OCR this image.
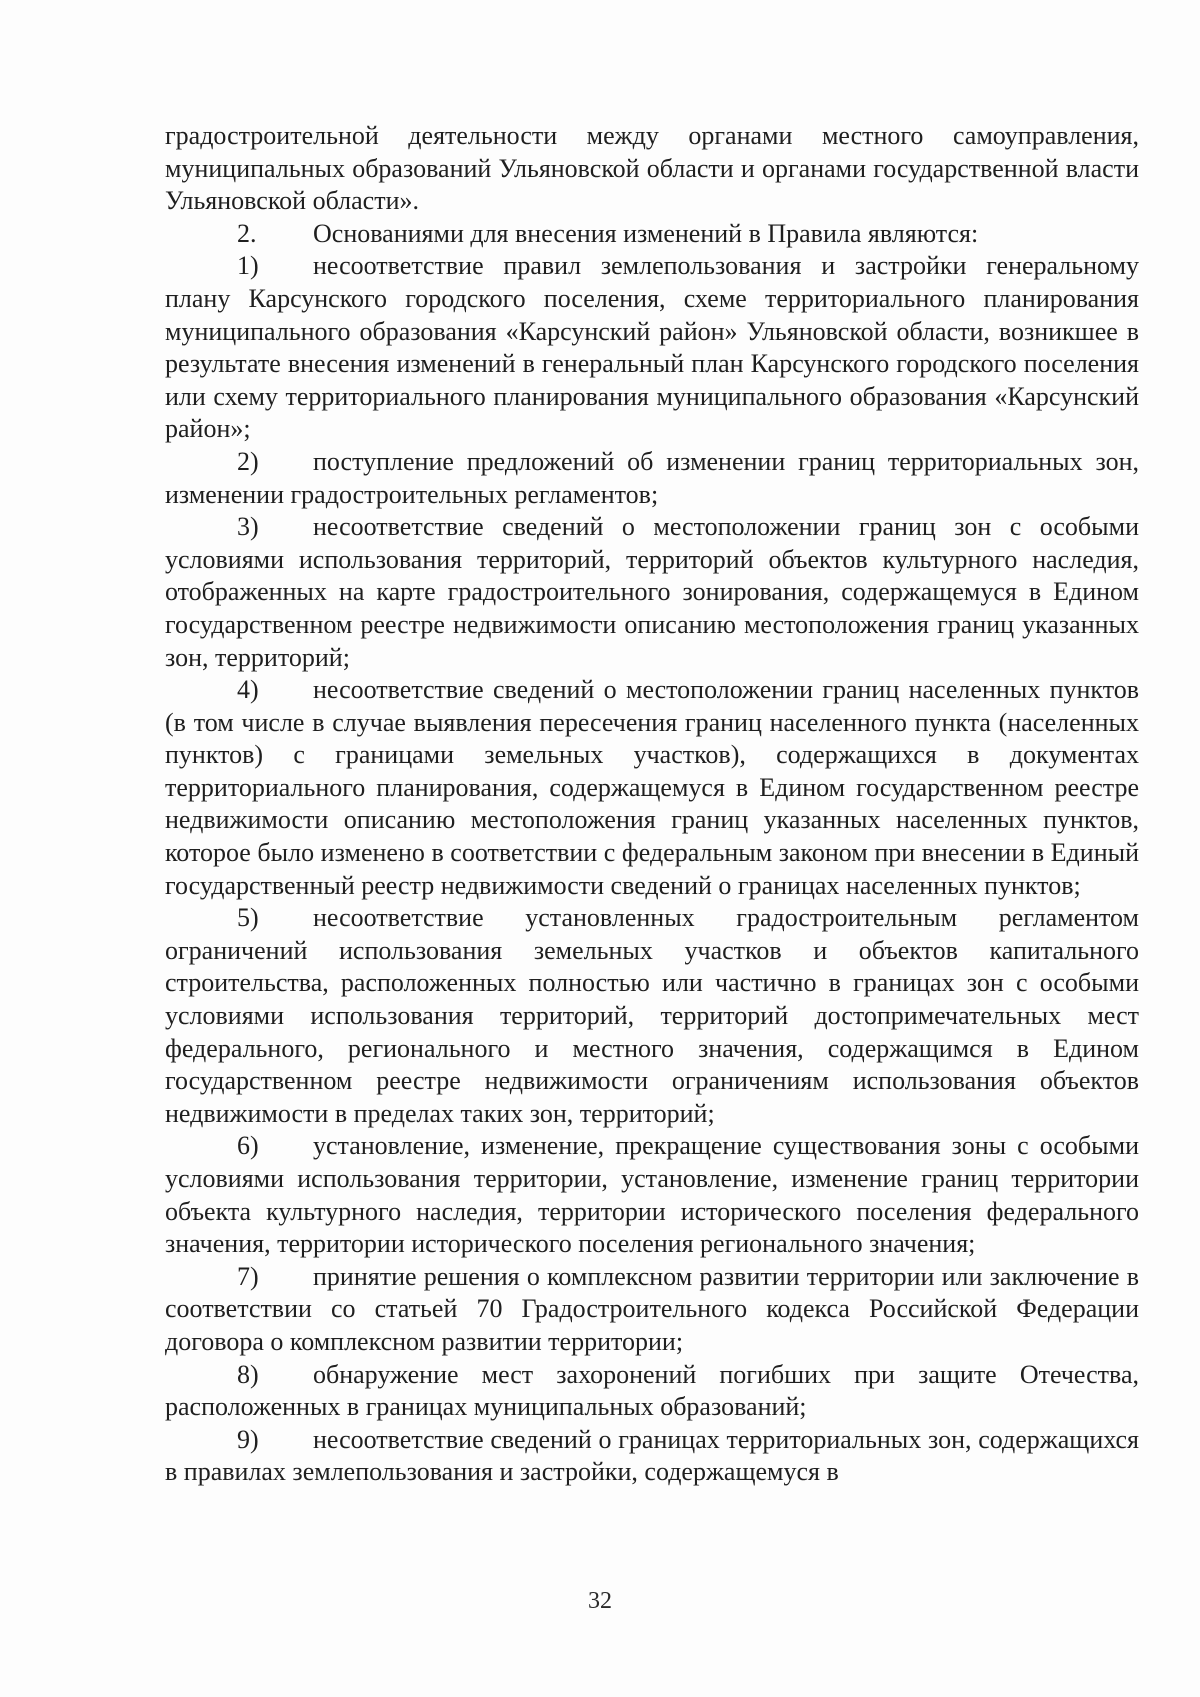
градостроительной деятельности между органами местного самоуправления, муниципальных образований Ульяновской области и органами государственной власти Ульяновской области».

2. Основаниями для внесения изменений в Правила являются:

1) несоответствие правил землепользования и застройки генеральному плану Карсунского городского поселения, схеме территориального планирования муниципального образования «Карсунский район» Ульяновской области, возникшее в результате внесения изменений в генеральный план Карсунского городского поселения или схему территориального планирования муниципального образования «Карсунский район»;

2) поступление предложений об изменении границ территориальных зон, изменении градостроительных регламентов;

3) несоответствие сведений о местоположении границ зон с особыми условиями использования территорий, территорий объектов культурного наследия, отображенных на карте градостроительного зонирования, содержащемуся в Едином государственном реестре недвижимости описанию местоположения границ указанных зон, территорий;

4) несоответствие сведений о местоположении границ населенных пунктов (в том числе в случае выявления пересечения границ населенного пункта (населенных пунктов) с границами земельных участков), содержащихся в документах территориального планирования, содержащемуся в Едином государственном реестре недвижимости описанию местоположения границ указанных населенных пунктов, которое было изменено в соответствии с федеральным законом при внесении в Единый государственный реестр недвижимости сведений о границах населенных пунктов;

5) несоответствие установленных градостроительным регламентом ограничений использования земельных участков и объектов капитального строительства, расположенных полностью или частично в границах зон с особыми условиями использования территорий, территорий достопримечательных мест федерального, регионального и местного значения, содержащимся в Едином государственном реестре недвижимости ограничениям использования объектов недвижимости в пределах таких зон, территорий;

6) установление, изменение, прекращение существования зоны с особыми условиями использования территории, установление, изменение границ территории объекта культурного наследия, территории исторического поселения федерального значения, территории исторического поселения регионального значения;

7) принятие решения о комплексном развитии территории или заключение в соответствии со статьей 70 Градостроительного кодекса Российской Федерации договора о комплексном развитии территории;

8) обнаружение мест захоронений погибших при защите Отечества, расположенных в границах муниципальных образований;

9) несоответствие сведений о границах территориальных зон, содержащихся в правилах землепользования и застройки, содержащемуся в

32
